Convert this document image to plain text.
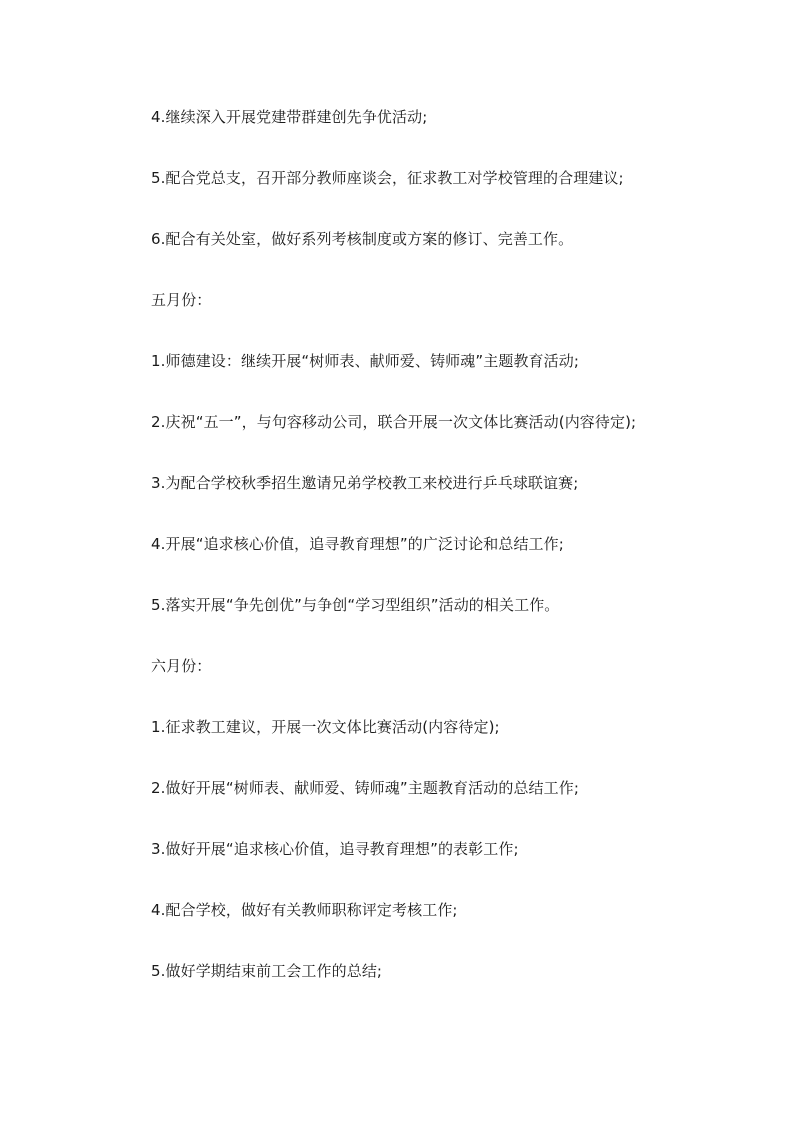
4.继续深入开展党建带群建创先争优活动;
5.配合党总支，召开部分教师座谈会，征求教工对学校管理的合理建议;
6.配合有关处室，做好系列考核制度或方案的修订、完善工作。
五月份：
1.师德建设：继续开展“树师表、献师爱、铸师魂”主题教育活动;
2.庆祝“五一”，与句容移动公司，联合开展一次文体比赛活动(内容待定);
3.为配合学校秋季招生邀请兄弟学校教工来校进行乒乓球联谊赛;
4.开展“追求核心价值，追寻教育理想”的广泛讨论和总结工作;
5.落实开展“争先创优”与争创“学习型组织”活动的相关工作。
六月份：
1.征求教工建议，开展一次文体比赛活动(内容待定);
2.做好开展“树师表、献师爱、铸师魂”主题教育活动的总结工作;
3.做好开展“追求核心价值，追寻教育理想”的表彰工作;
4.配合学校，做好有关教师职称评定考核工作;
5.做好学期结束前工会工作的总结;
